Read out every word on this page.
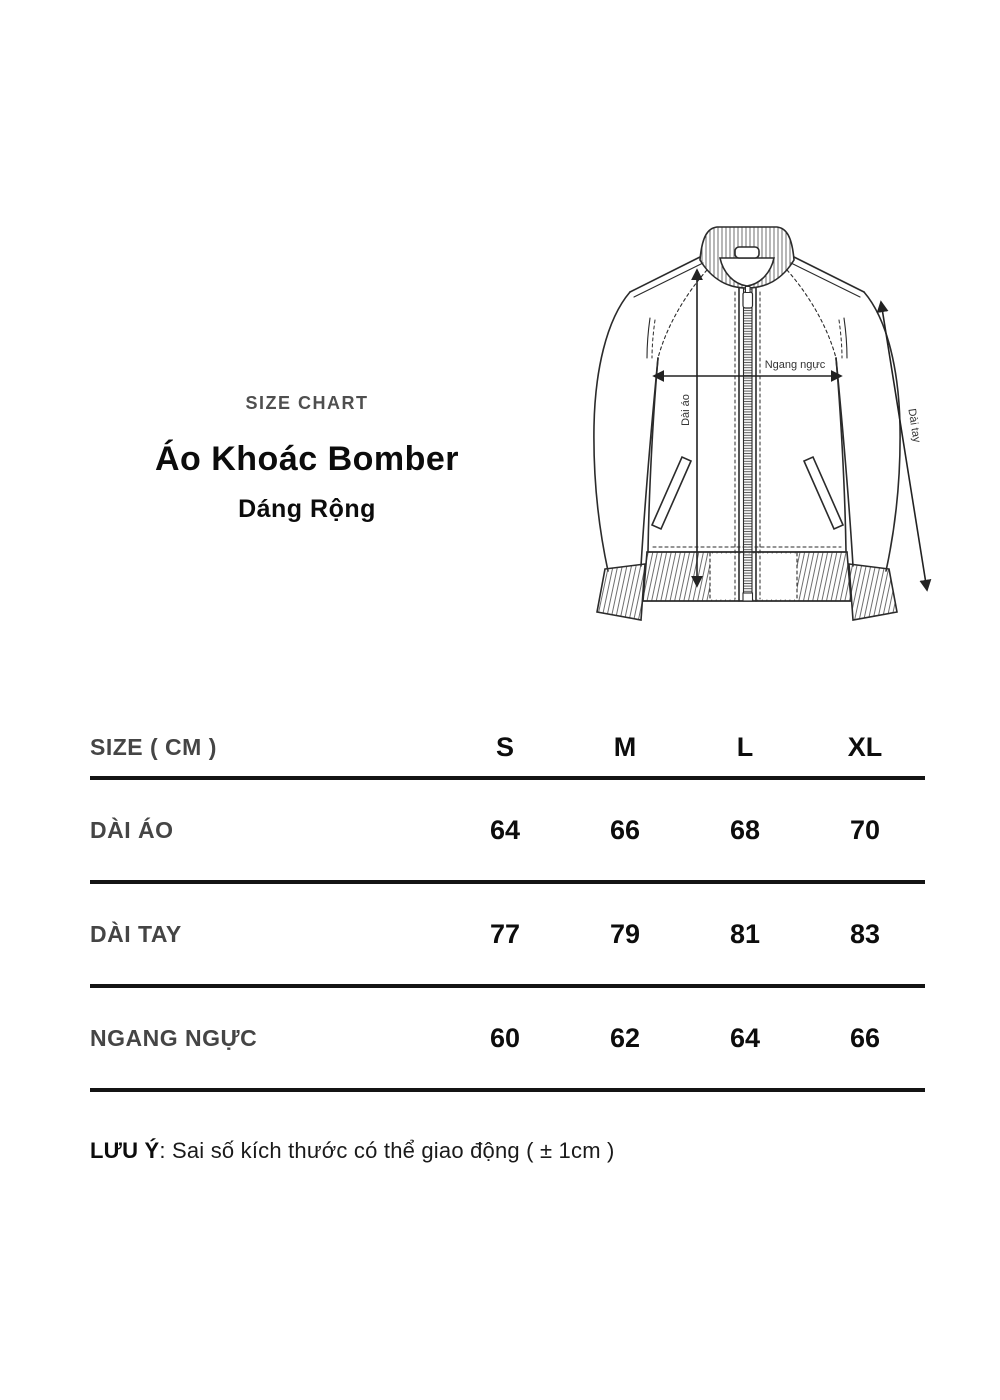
SIZE CHART
Áo Khoác Bomber
Dáng Rộng
Ngang ngực
Dài áo	Dài tay
SIZE ( CM )	S	M	L	XL
DÀI ÁO	64	66	68	70
DÀI TAY	77	79	81	83
NGANG NGỰC	60	62	64	66
LƯU Ý: Sai số kích thước có thể giao động ( ± 1cm )
